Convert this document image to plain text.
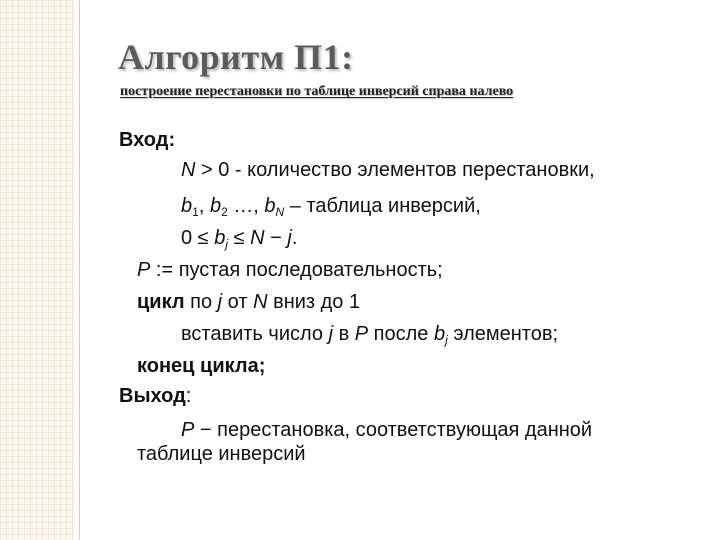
Алгоритм П1:
построение перестановки по таблице инверсий справа налево
Вход:
N > 0 - количество элементов перестановки,
$b_1$, $b_2$ …, $b_N$ – таблица инверсий,
$0 \le b_j \le N - j$.
P := пустая последовательность;
цикл по j от N вниз до 1
вставить число j в P после $b_j$ элементов;
конец цикла;
Выход:
P − перестановка, соответствующая данной
таблице инверсий
